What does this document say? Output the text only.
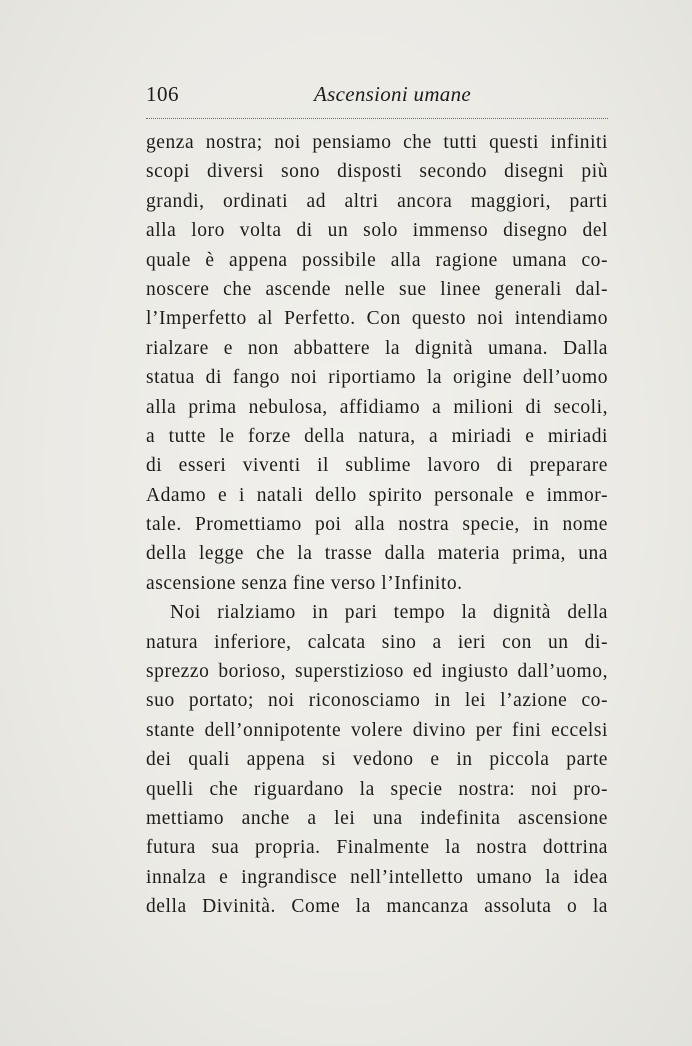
106	Ascensioni umane
genza nostra; noi pensiamo che tutti questi infiniti
scopi diversi sono disposti secondo disegni più
grandi, ordinati ad altri ancora maggiori, parti
alla loro volta di un solo immenso disegno del
quale è appena possibile alla ragione umana co-
noscere che ascende nelle sue linee generali dal-
l’Imperfetto al Perfetto. Con questo noi intendiamo
rialzare e non abbattere la dignità umana. Dalla
statua di fango noi riportiamo la origine dell’uomo
alla prima nebulosa, affidiamo a milioni di secoli,
a tutte le forze della natura, a miriadi e miriadi
di esseri viventi il sublime lavoro di preparare
Adamo e i natali dello spirito personale e immor-
tale. Promettiamo poi alla nostra specie, in nome
della legge che la trasse dalla materia prima, una
ascensione senza fine verso l’Infinito.
Noi rialziamo in pari tempo la dignità della
natura inferiore, calcata sino a ieri con un di-
sprezzo borioso, superstizioso ed ingiusto dall’uomo,
suo portato; noi riconosciamo in lei l’azione co-
stante dell’onnipotente volere divino per fini eccelsi
dei quali appena si vedono e in piccola parte
quelli che riguardano la specie nostra: noi pro-
mettiamo anche a lei una indefinita ascensione
futura sua propria. Finalmente la nostra dottrina
innalza e ingrandisce nell’intelletto umano la idea
della Divinità. Come la mancanza assoluta o la
